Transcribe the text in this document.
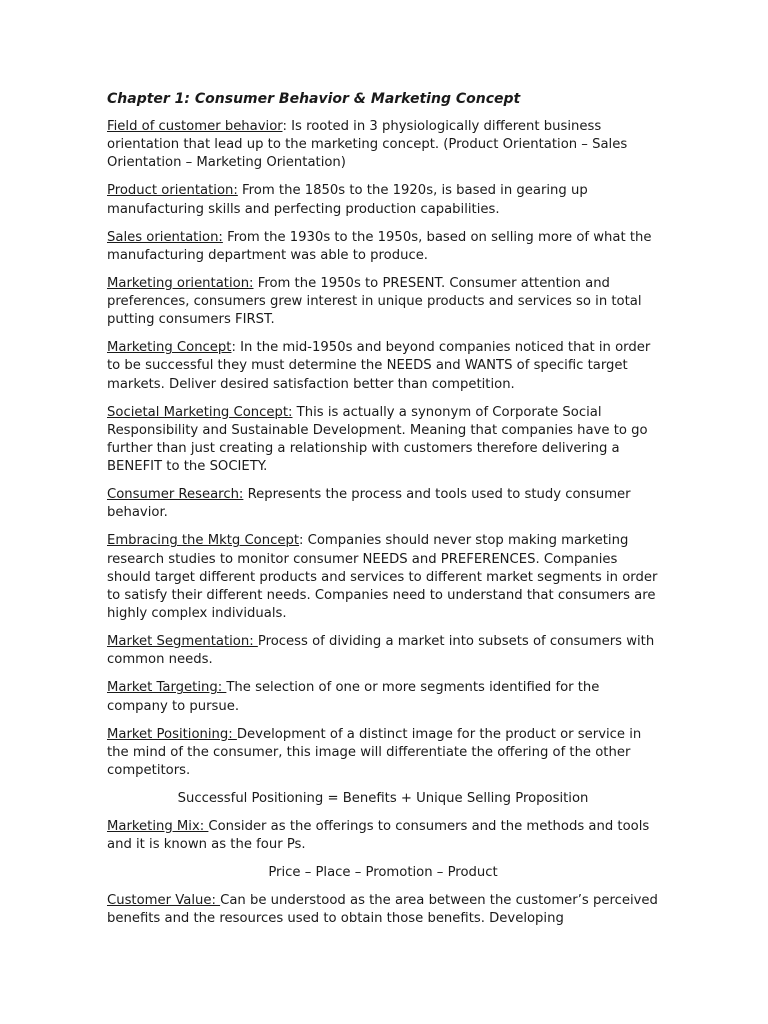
Chapter 1: Consumer Behavior & Marketing Concept

Field of customer behavior: Is rooted in 3 physiologically different business orientation that lead up to the marketing concept. (Product Orientation – Sales Orientation – Marketing Orientation)

Product orientation: From the 1850s to the 1920s, is based in gearing up manufacturing skills and perfecting production capabilities.

Sales orientation: From the 1930s to the 1950s, based on selling more of what the manufacturing department was able to produce.

Marketing orientation: From the 1950s to PRESENT. Consumer attention and preferences, consumers grew interest in unique products and services so in total putting consumers FIRST.

Marketing Concept: In the mid-1950s and beyond companies noticed that in order to be successful they must determine the NEEDS and WANTS of specific target markets. Deliver desired satisfaction better than competition.

Societal Marketing Concept: This is actually a synonym of Corporate Social Responsibility and Sustainable Development. Meaning that companies have to go further than just creating a relationship with customers therefore delivering a BENEFIT to the SOCIETY.

Consumer Research: Represents the process and tools used to study consumer behavior.

Embracing the Mktg Concept: Companies should never stop making marketing research studies to monitor consumer NEEDS and PREFERENCES. Companies should target different products and services to different market segments in order to satisfy their different needs. Companies need to understand that consumers are highly complex individuals.

Market Segmentation: Process of dividing a market into subsets of consumers with common needs.

Market Targeting: The selection of one or more segments identified for the company to pursue.

Market Positioning: Development of a distinct image for the product or service in the mind of the consumer, this image will differentiate the offering of the other competitors.

Successful Positioning = Benefits + Unique Selling Proposition

Marketing Mix: Consider as the offerings to consumers and the methods and tools and it is known as the four Ps.

Price – Place – Promotion – Product

Customer Value: Can be understood as the area between the customer’s perceived benefits and the resources used to obtain those benefits. Developing
